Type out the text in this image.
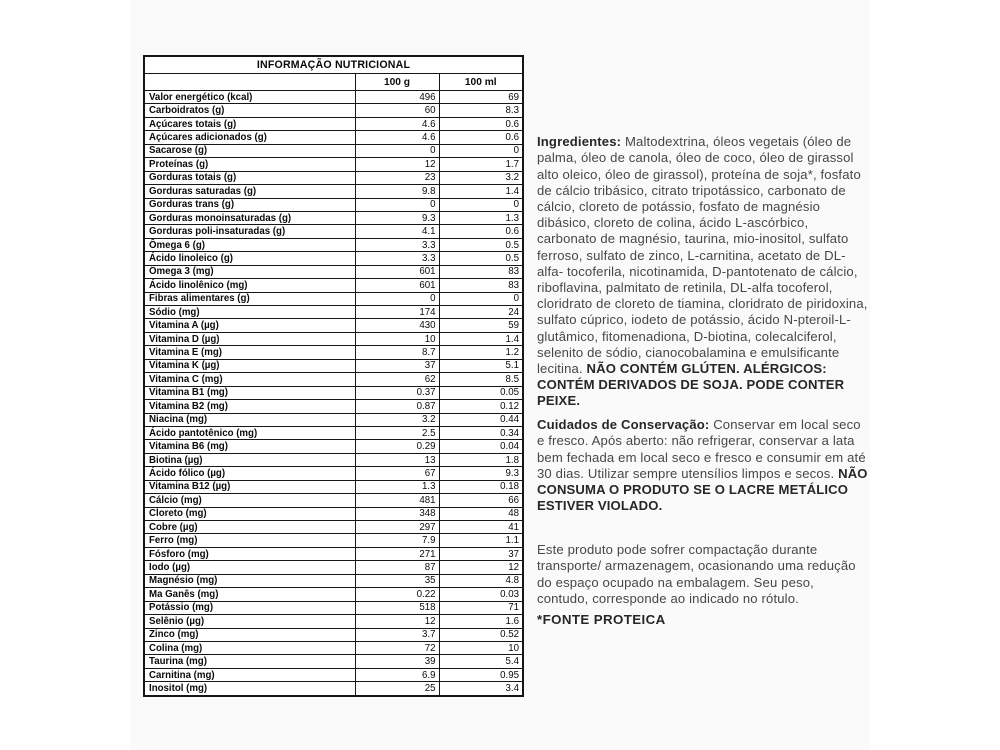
INFORMAÇÃO NUTRICIONAL		
	100 g	100 ml
Valor energético (kcal)	496	69
Carboidratos (g)	60	8.3
Açúcares totais (g)	4.6	0.6
Açúcares adicionados (g)	4.6	0.6
Sacarose (g)	0	0
Proteínas (g)	12	1.7
Gorduras totais (g)	23	3.2
Gorduras saturadas (g)	9.8	1.4
Gorduras trans (g)	0	0
Gorduras monoinsaturadas (g)	9.3	1.3
Gorduras poli-insaturadas (g)	4.1	0.6
Ômega 6 (g)	3.3	0.5
Ácido linoleico (g)	3.3	0.5
Ômega 3 (mg)	601	83
Ácido linolênico (mg)	601	83
Fibras alimentares (g)	0	0
Sódio (mg)	174	24
Vitamina A (µg)	430	59
Vitamina D (µg)	10	1.4
Vitamina E (mg)	8.7	1.2
Vitamina K (µg)	37	5.1
Vitamina C (mg)	62	8.5
Vitamina B1 (mg)	0.37	0.05
Vitamina B2 (mg)	0.87	0.12
Niacina (mg)	3.2	0.44
Ácido pantotênico (mg)	2.5	0.34
Vitamina B6 (mg)	0.29	0.04
Biotina (µg)	13	1.8
Ácido fólico (µg)	67	9.3
Vitamina B12 (µg)	1.3	0.18
Cálcio (mg)	481	66
Cloreto (mg)	348	48
Cobre (µg)	297	41
Ferro (mg)	7.9	1.1
Fósforo (mg)	271	37
Iodo (µg)	87	12
Magnésio (mg)	35	4.8
Ma Ganês (mg)	0.22	0.03
Potássio (mg)	518	71
Selênio (µg)	12	1.6
Zinco (mg)	3.7	0.52
Colina (mg)	72	10
Taurina (mg)	39	5.4
Carnitina (mg)	6.9	0.95
Inositol (mg)	25	3.4

Ingredientes: Maltodextrina, óleos vegetais (óleo de palma, óleo de canola, óleo de coco, óleo de girassol alto oleico, óleo de girassol), proteína de soja*, fosfato de cálcio tribásico, citrato tripotássico, carbonato de cálcio, cloreto de potássio, fosfato de magnésio dibásico, cloreto de colina, ácido L-ascórbico, carbonato de magnésio, taurina, mio-inositol, sulfato ferroso, sulfato de zinco, L-carnitina, acetato de DL-alfa- tocoferila, nicotinamida, D-pantotenato de cálcio, riboflavina, palmitato de retinila, DL-alfa tocoferol, cloridrato de cloreto de tiamina, cloridrato de piridoxina, sulfato cúprico, iodeto de potássio, ácido N-pteroil-L-glutâmico, fitomenadiona, D-biotina, colecalciferol, selenito de sódio, cianocobalamina e emulsificante lecitina. NÃO CONTÉM GLÚTEN. ALÉRGICOS: CONTÉM DERIVADOS DE SOJA. PODE CONTER PEIXE.

Cuidados de Conservação: Conservar em local seco e fresco. Após aberto: não refrigerar, conservar a lata bem fechada em local seco e fresco e consumir em até 30 dias. Utilizar sempre utensílios limpos e secos. NÃO CONSUMA O PRODUTO SE O LACRE METÁLICO ESTIVER VIOLADO.

Este produto pode sofrer compactação durante transporte/ armazenagem, ocasionando uma redução do espaço ocupado na embalagem. Seu peso, contudo, corresponde ao indicado no rótulo.

*FONTE PROTEICA
